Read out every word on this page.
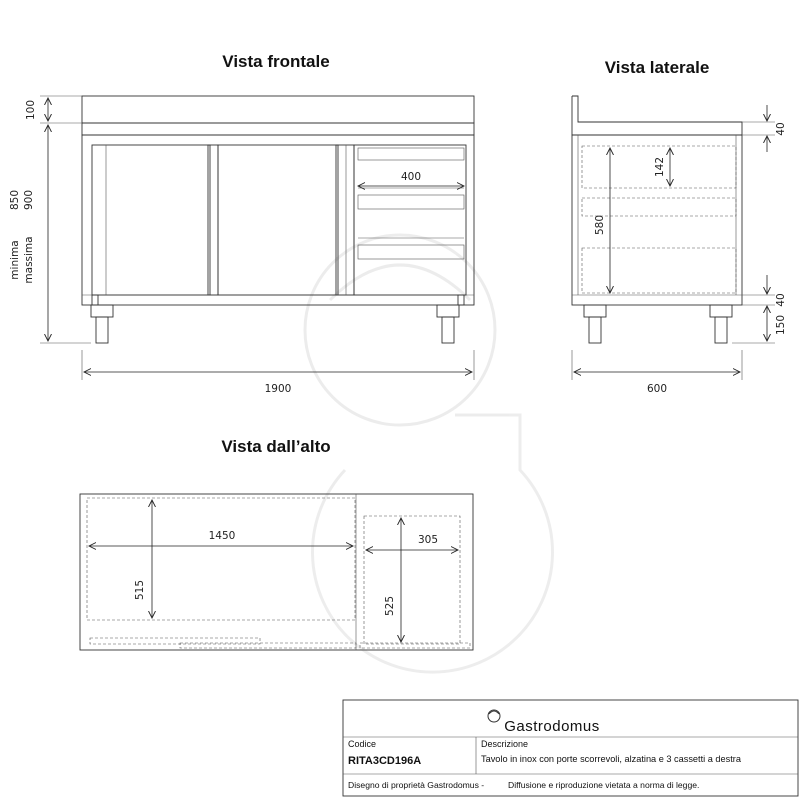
Vista frontale
400
100
minima
850
massima
900
1900
Vista laterale
142
580
40
40
150
600
Vista dall’alto
1450
515
305
525
Gastrodomus
Codice
RITA3CD196A
Descrizione
Tavolo in inox con porte scorrevoli, alzatina e 3 cassetti a destra
Disegno di proprietà Gastrodomus -	Diffusione e riproduzione vietata a norma di legge.
